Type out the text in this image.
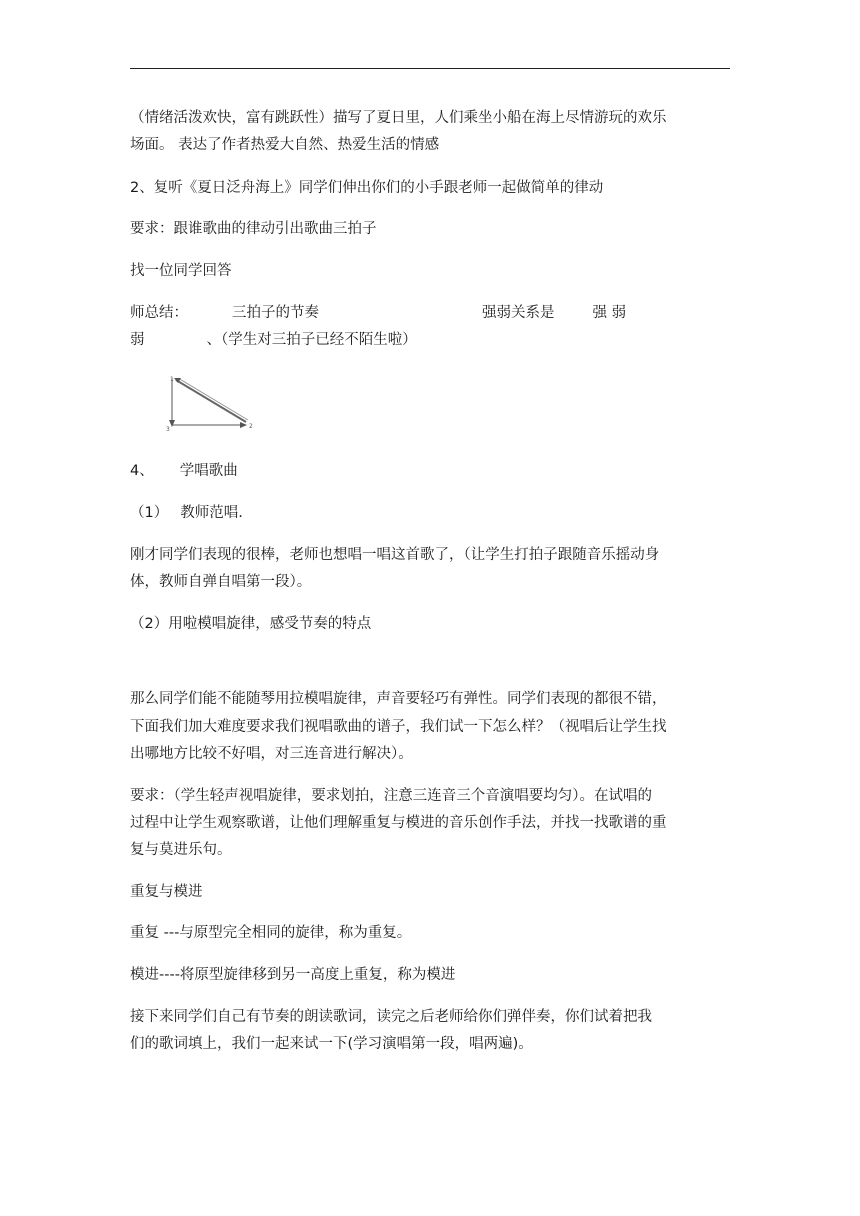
（情绪活泼欢快，富有跳跃性）描写了夏日里，人们乘坐小船在海上尽情游玩的欢乐
场面。 表达了作者热爱大自然、热爱生活的情感
2、复听《夏日泛舟海上》同学们伸出你们的小手跟老师一起做简单的律动
要求：跟谁歌曲的律动引出歌曲三拍子
找一位同学回答
师总结：	三拍子的节奏	强弱关系是	强 弱
弱	、（学生对三拍子已经不陌生啦）
1
3	2
4、 学唱歌曲
（1） 教师范唱.
刚才同学们表现的很棒，老师也想唱一唱这首歌了，（让学生打拍子跟随音乐摇动身
体，教师自弹自唱第一段）。
（2）用啦模唱旋律，感受节奏的特点
那么同学们能不能随琴用拉模唱旋律，声音要轻巧有弹性。同学们表现的都很不错，
下面我们加大难度要求我们视唱歌曲的谱子，我们试一下怎么样？（视唱后让学生找
出哪地方比较不好唱，对三连音进行解决）。
要求：（学生轻声视唱旋律，要求划拍，注意三连音三个音演唱要均匀）。在试唱的
过程中让学生观察歌谱，让他们理解重复与模进的音乐创作手法，并找一找歌谱的重
复与莫进乐句。
重复与模进
重复 ---与原型完全相同的旋律，称为重复。
模进----将原型旋律移到另一高度上重复，称为模进
接下来同学们自己有节奏的朗读歌词，读完之后老师给你们弹伴奏，你们试着把我
们的歌词填上，我们一起来试一下(学习演唱第一段，唱两遍)。
